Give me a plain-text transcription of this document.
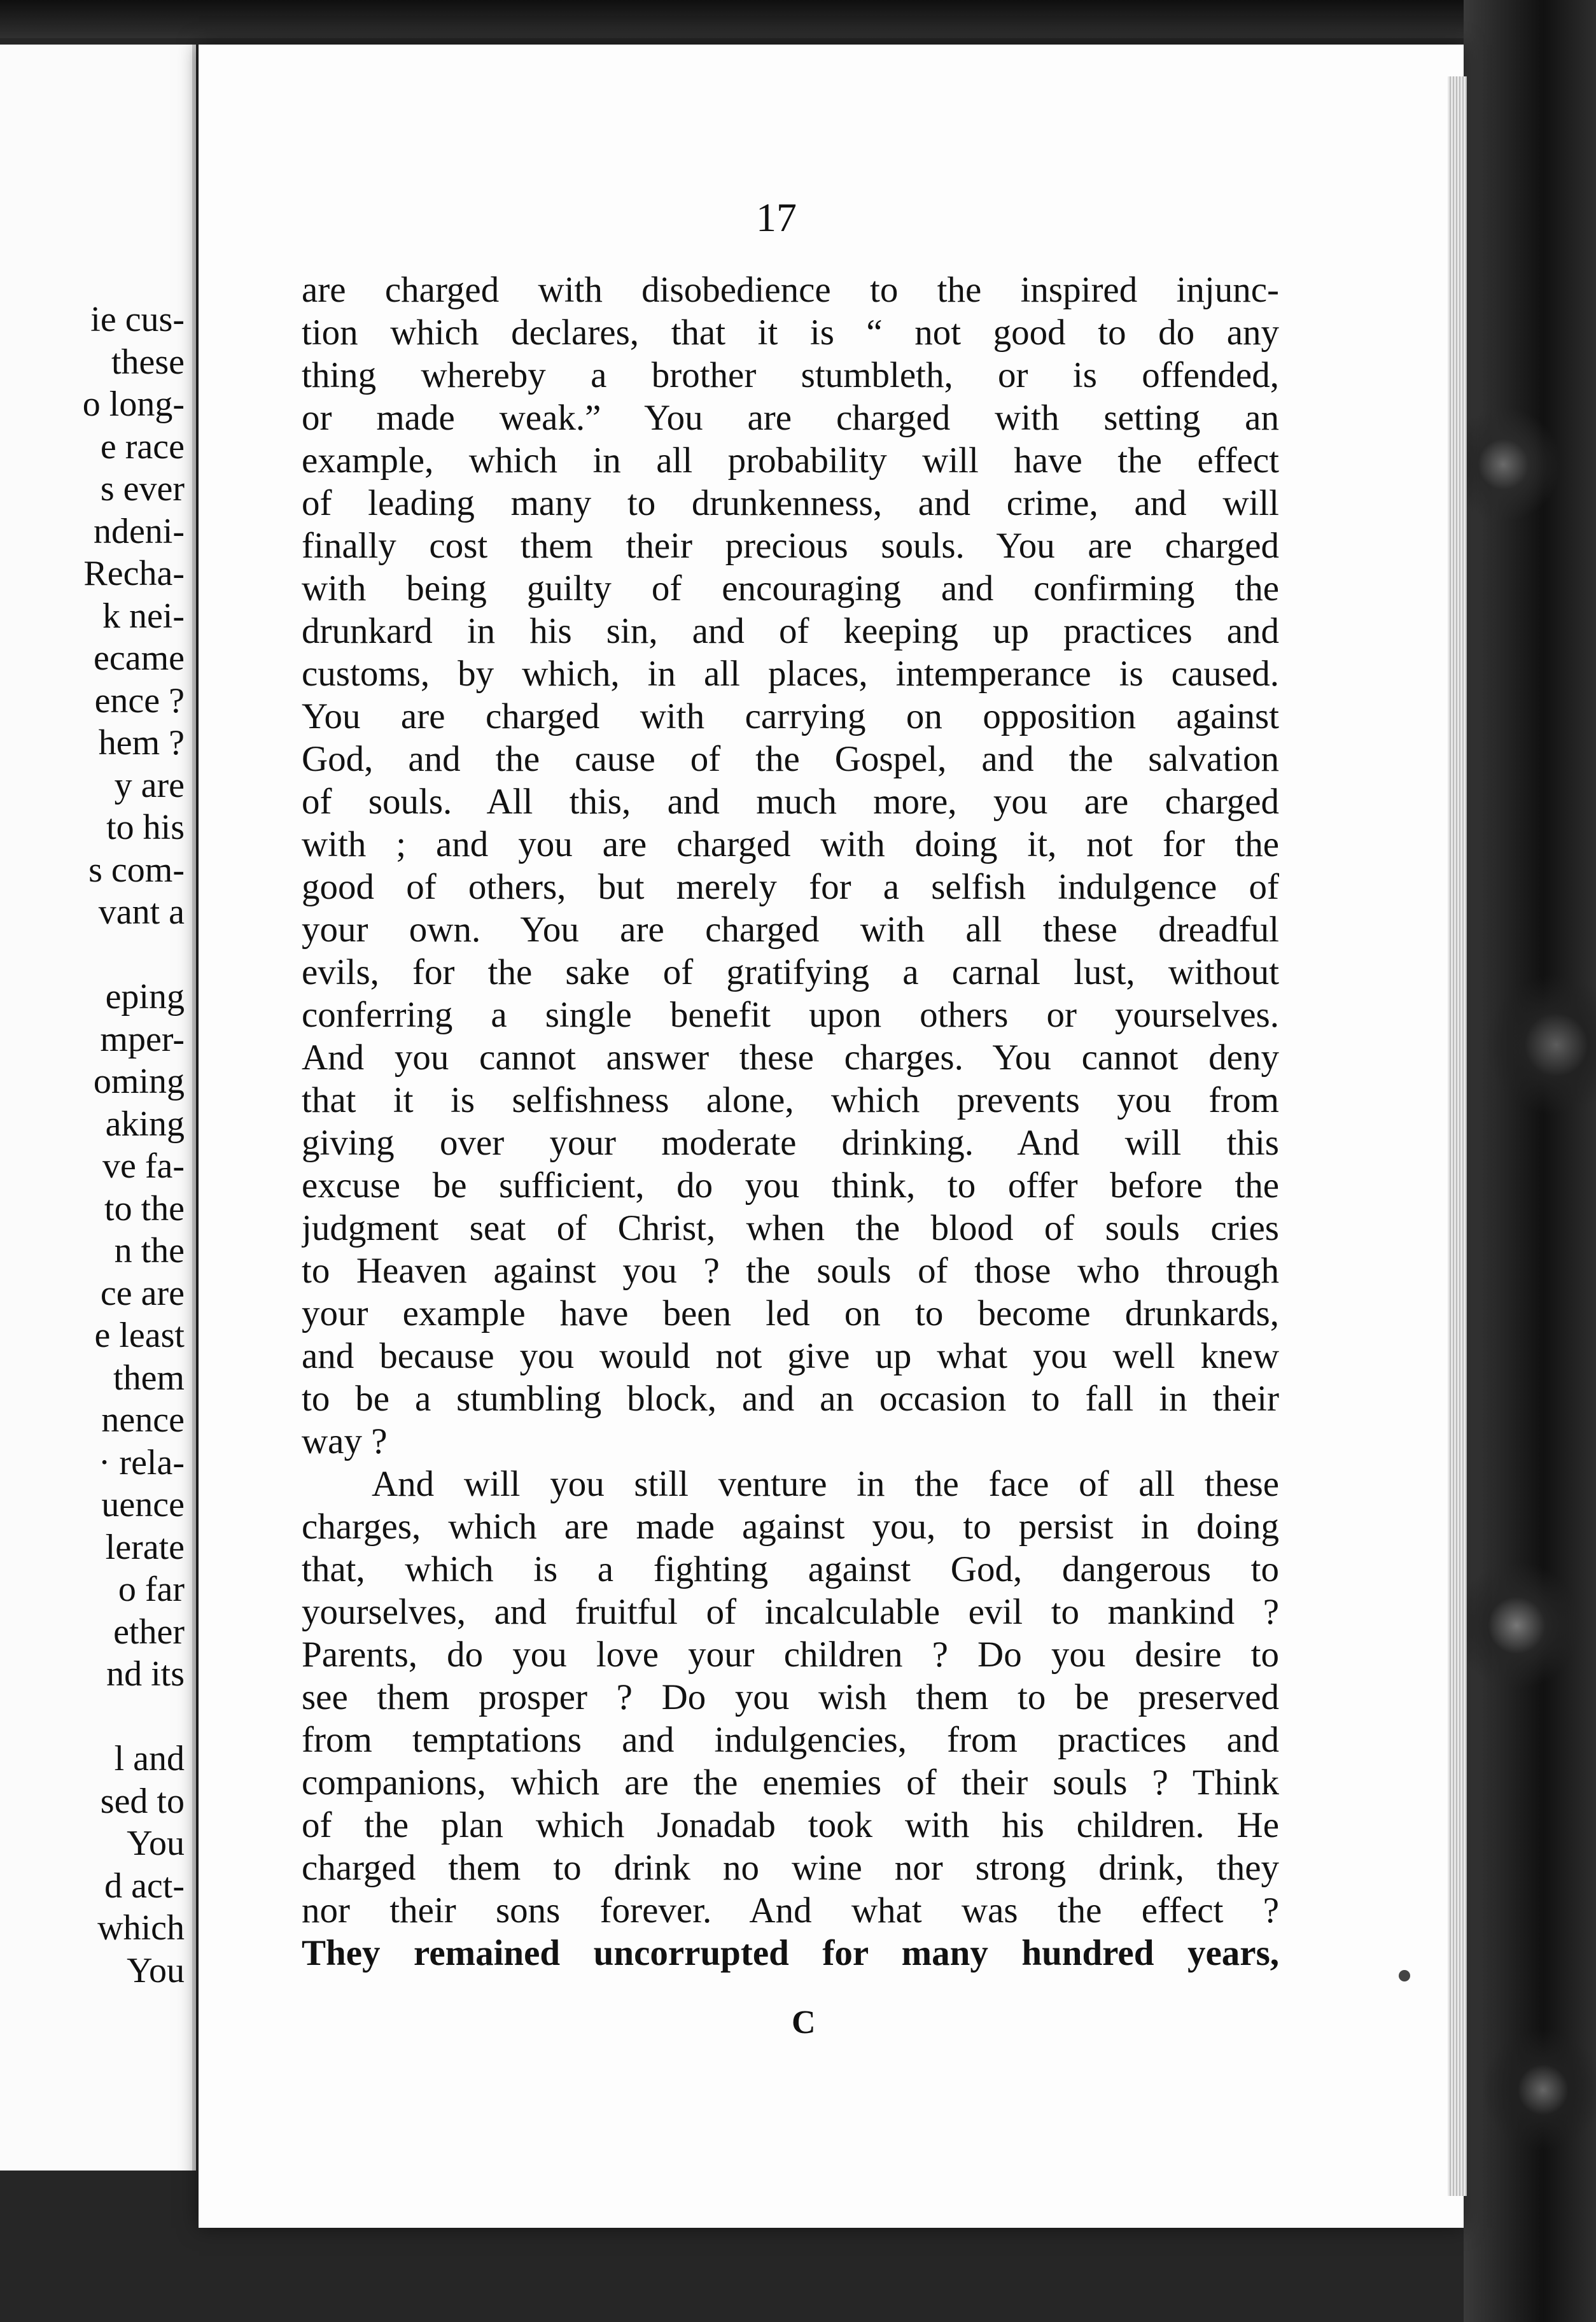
ie cus-

these

o long-

e race

s ever

ndeni-

Recha-

k nei-

ecame

ence ?

hem ?

y are

to his

s com-

vant a

eping

mper-

oming

aking

ve fa-

to the

n the

ce are

e least

them

nence

· rela-

uence

lerate

o far

ether

nd its

l and

sed to

You

d act-

which

You

17

are charged with disobedience to the inspired injunc-

tion which declares, that it is “ not good to do any

thing whereby a brother stumbleth, or is offended,

or made weak.” You are charged with setting an

example, which in all probability will have the effect

of leading many to drunkenness, and crime, and will

finally cost them their precious souls. You are charged

with being guilty of encouraging and confirming the

drunkard in his sin, and of keeping up practices and

customs, by which, in all places, intemperance is caused.

You are charged with carrying on opposition against

God, and the cause of the Gospel, and the salvation

of souls. All this, and much more, you are charged

with ; and you are charged with doing it, not for the

good of others, but merely for a selfish indulgence of

your own. You are charged with all these dreadful

evils, for the sake of gratifying a carnal lust, without

conferring a single benefit upon others or yourselves.

And you cannot answer these charges. You cannot deny

that it is selfishness alone, which prevents you from

giving over your moderate drinking. And will this

excuse be sufficient, do you think, to offer before the

judgment seat of Christ, when the blood of souls cries

to Heaven against you ? the souls of those who through

your example have been led on to become drunkards,

and because you would not give up what you well knew

to be a stumbling block, and an occasion to fall in their

way ?

And will you still venture in the face of all these

charges, which are made against you, to persist in doing

that, which is a fighting against God, dangerous to

yourselves, and fruitful of incalculable evil to mankind ?

Parents, do you love your children ? Do you desire to

see them prosper ? Do you wish them to be preserved

from temptations and indulgencies, from practices and

companions, which are the enemies of their souls ? Think

of the plan which Jonadab took with his children. He

charged them to drink no wine nor strong drink, they

nor their sons forever. And what was the effect ?

They remained uncorrupted for many hundred years,

C
